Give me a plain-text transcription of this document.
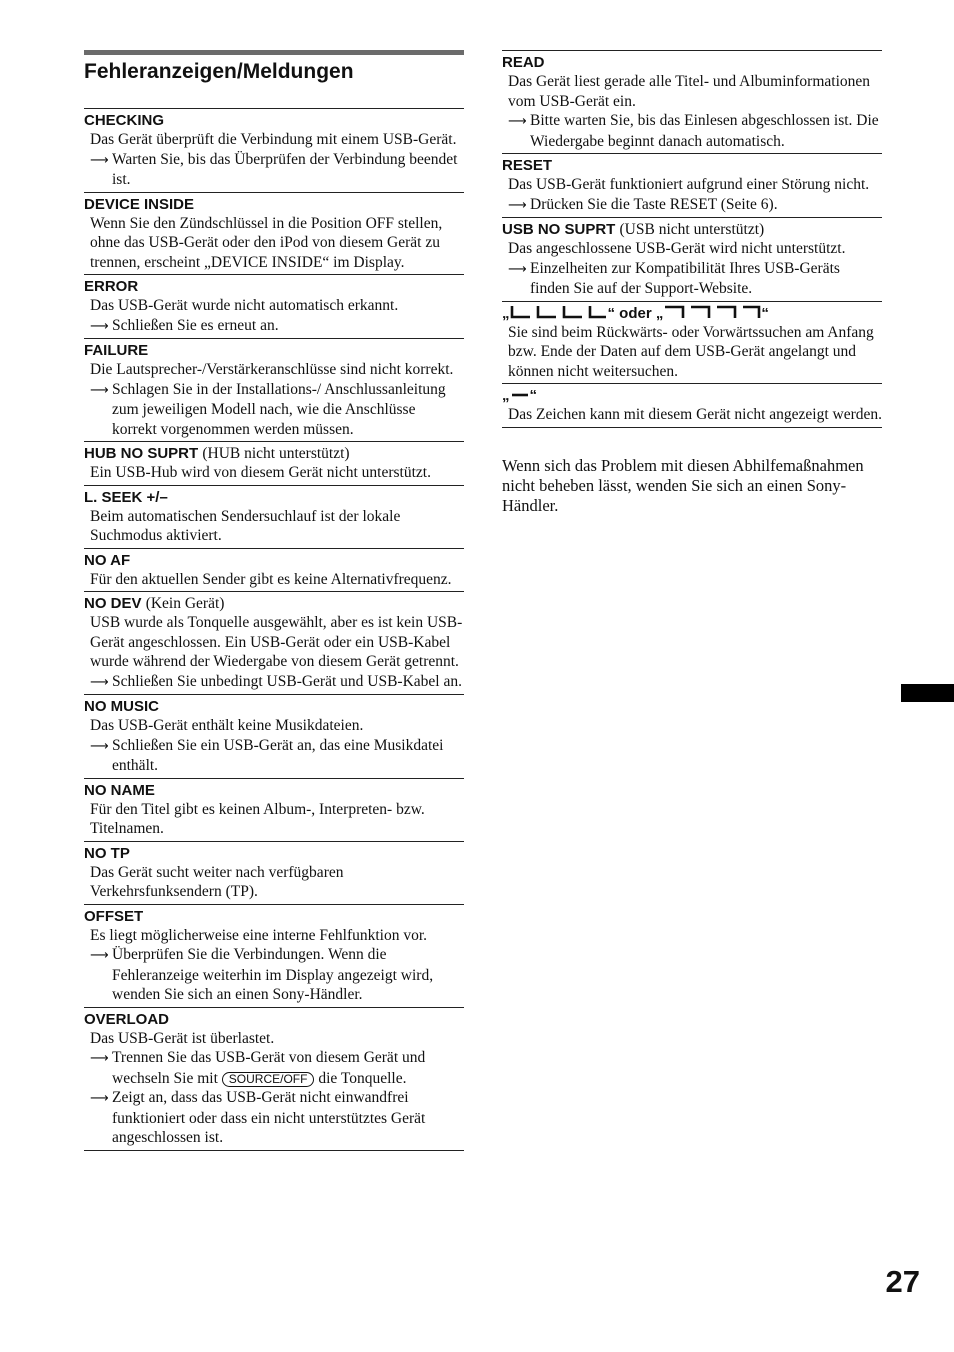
27
Fehleranzeigen/Meldungen
CHECKING
Das Gerät überprüft die Verbindung mit einem USB-Gerät.
⟶ Warten Sie, bis das Überprüfen der Verbindung beendet ist.
DEVICE INSIDE
Wenn Sie den Zündschlüssel in die Position OFF stellen, ohne das USB-Gerät oder den iPod von diesem Gerät zu trennen, erscheint „DEVICE INSIDE“ im Display.
ERROR
Das USB-Gerät wurde nicht automatisch erkannt.
⟶ Schließen Sie es erneut an.
FAILURE
Die Lautsprecher-/Verstärkeranschlüsse sind nicht korrekt.
⟶ Schlagen Sie in der Installations-/ Anschlussanleitung zum jeweiligen Modell nach, wie die Anschlüsse korrekt vorgenommen werden müssen.
HUB NO SUPRT (HUB nicht unterstützt)
Ein USB-Hub wird von diesem Gerät nicht unterstützt.
L. SEEK +/–
Beim automatischen Sendersuchlauf ist der lokale Suchmodus aktiviert.
NO AF
Für den aktuellen Sender gibt es keine Alternativfrequenz.
NO DEV (Kein Gerät)
USB wurde als Tonquelle ausgewählt, aber es ist kein USB-Gerät angeschlossen. Ein USB-Gerät oder ein USB-Kabel wurde während der Wiedergabe von diesem Gerät getrennt.
⟶ Schließen Sie unbedingt USB-Gerät und USB-Kabel an.
NO MUSIC
Das USB-Gerät enthält keine Musikdateien.
⟶ Schließen Sie ein USB-Gerät an, das eine Musikdatei enthält.
NO NAME
Für den Titel gibt es keinen Album-, Interpreten- bzw. Titelnamen.
NO TP
Das Gerät sucht weiter nach verfügbaren Verkehrsfunksendern (TP).
OFFSET
Es liegt möglicherweise eine interne Fehlfunktion vor.
⟶ Überprüfen Sie die Verbindungen. Wenn die Fehleranzeige weiterhin im Display angezeigt wird, wenden Sie sich an einen Sony-Händler.
OVERLOAD
Das USB-Gerät ist überlastet.
⟶ Trennen Sie das USB-Gerät von diesem Gerät und wechseln Sie mit SOURCE/OFF die Tonquelle.
⟶ Zeigt an, dass das USB-Gerät nicht einwandfrei funktioniert oder dass ein nicht unterstütztes Gerät angeschlossen ist.
READ
Das Gerät liest gerade alle Titel- und Albuminformationen vom USB-Gerät ein.
⟶ Bitte warten Sie, bis das Einlesen abgeschlossen ist. Die Wiedergabe beginnt danach automatisch.
RESET
Das USB-Gerät funktioniert aufgrund einer Störung nicht.
⟶ Drücken Sie die Taste RESET (Seite 6).
USB NO SUPRT (USB nicht unterstützt)
Das angeschlossene USB-Gerät wird nicht unterstützt.
⟶ Einzelheiten zur Kompatibilität Ihres USB-Geräts finden Sie auf der Support-Website.
„	“ oder „	“
Sie sind beim Rückwärts- oder Vorwärtssuchen am Anfang bzw. Ende der Daten auf dem USB-Gerät angelangt und können nicht weitersuchen.
„ “
Das Zeichen kann mit diesem Gerät nicht angezeigt werden.
Wenn sich das Problem mit diesen Abhilfemaßnahmen nicht beheben lässt, wenden Sie sich an einen Sony-Händler.
